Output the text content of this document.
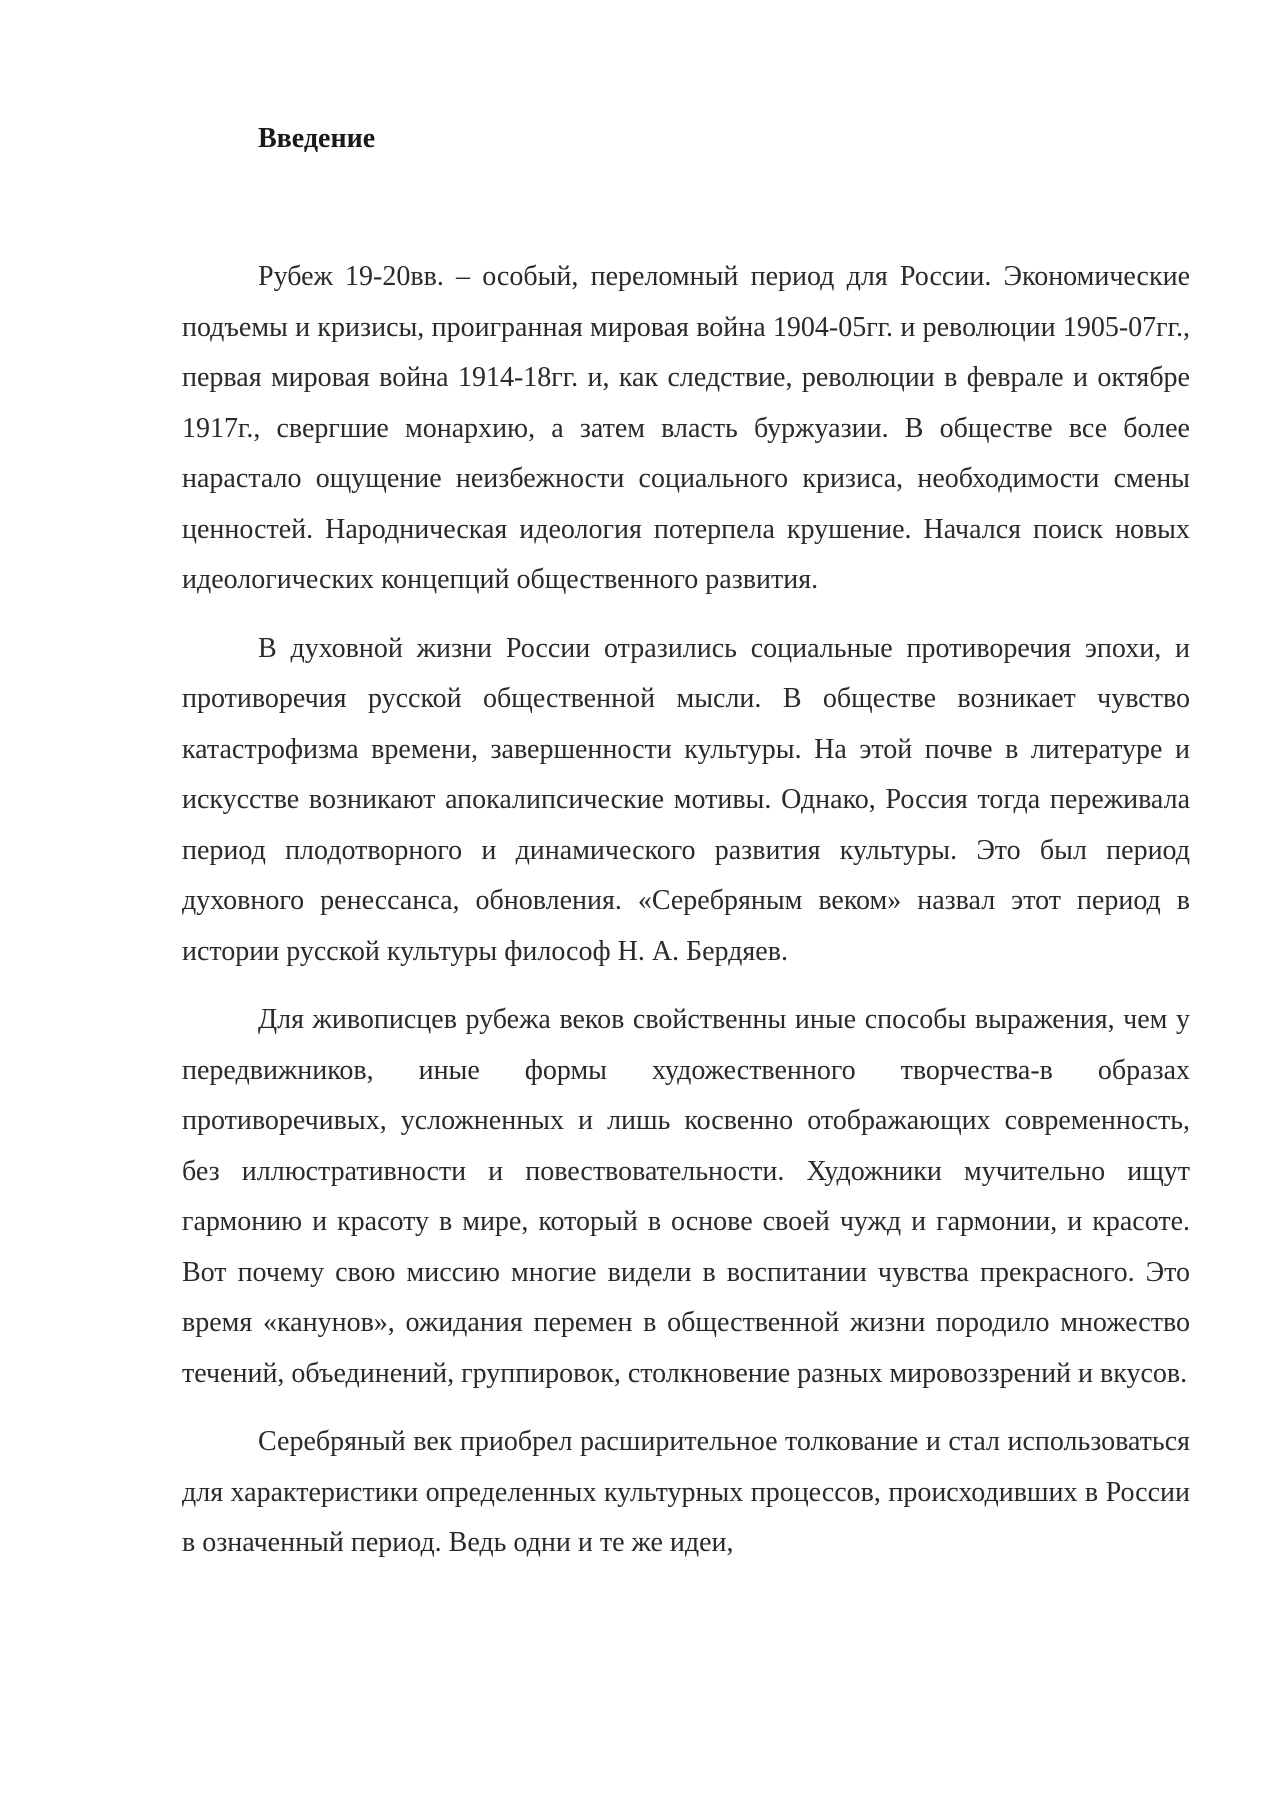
Введение

Рубеж 19-20вв. – особый, переломный период для России. Экономические подъемы и кризисы, проигранная мировая война 1904-05гг. и революции 1905-07гг., первая мировая война 1914-18гг. и, как следствие, революции в феврале и октябре 1917г., свергшие монархию, а затем власть буржуазии. В обществе все более нарастало ощущение неизбежности социального кризиса, необходимости смены ценностей. Народническая идеология потерпела крушение. Начался поиск новых идеологических концепций общественного развития.

В духовной жизни России отразились социальные противоречия эпохи, и противоречия русской общественной мысли. В обществе возникает чувство катастрофизма времени, завершенности культуры. На этой почве в литературе и искусстве возникают апокалипсические мотивы. Однако, Россия тогда переживала период плодотворного и динамического развития культуры. Это был период духовного ренессанса, обновления. «Серебряным веком» назвал этот период в истории русской культуры философ Н. А. Бердяев.

Для живописцев рубежа веков свойственны иные способы выражения, чем у передвижников, иные формы художественного творчества-в образах противоречивых, усложненных и лишь косвенно отображающих современность, без иллюстративности и повествовательности. Художники мучительно ищут гармонию и красоту в мире, который в основе своей чужд и гармонии, и красоте. Вот почему свою миссию многие видели в воспитании чувства прекрасного. Это время «канунов», ожидания перемен в общественной жизни породило множество течений, объединений, группировок, столкновение разных мировоззрений и вкусов.

Серебряный век приобрел расширительное толкование и стал использоваться для характеристики определенных культурных процессов, происходивших в России в означенный период. Ведь одни и те же идеи,
